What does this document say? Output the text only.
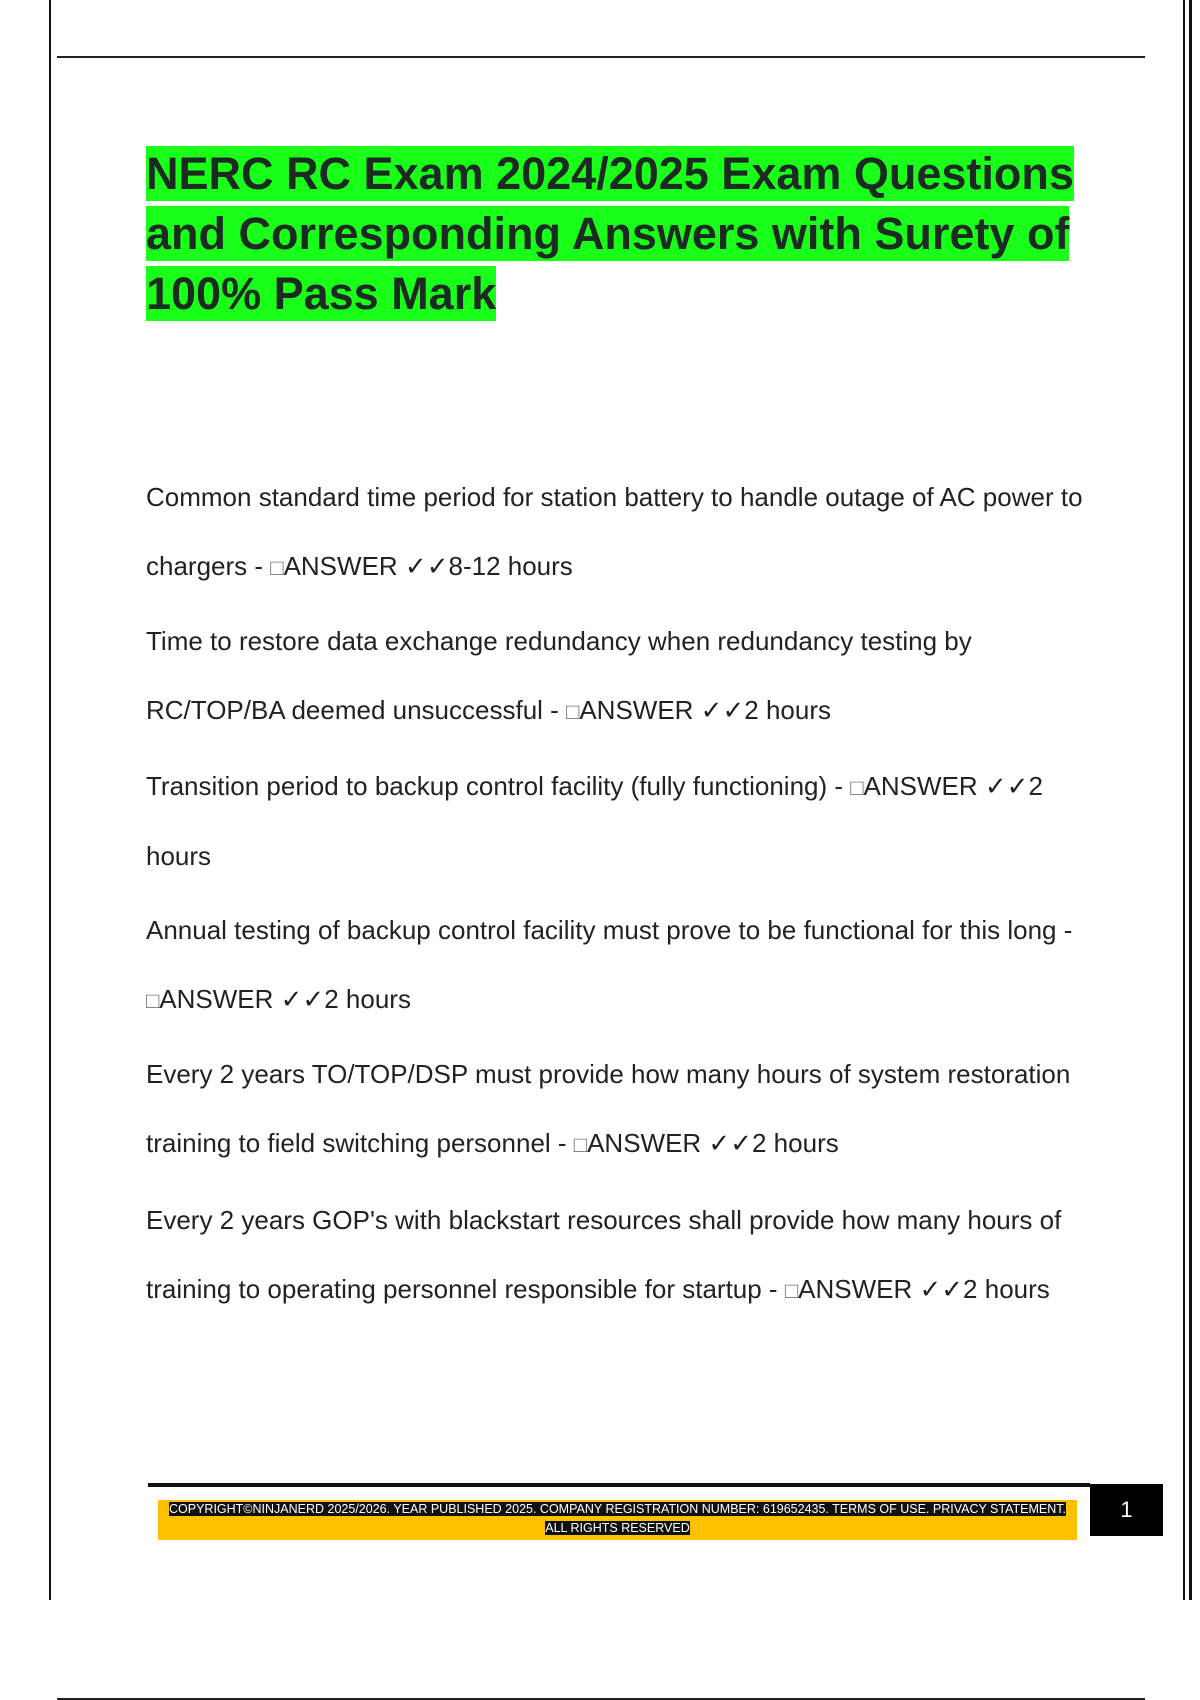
NERC RC Exam 2024/2025 Exam Questions and Corresponding Answers with Surety of 100% Pass Mark
Common standard time period for station battery to handle outage of AC power to chargers - □ANSWER ✓✓8-12 hours
Time to restore data exchange redundancy when redundancy testing by RC/TOP/BA deemed unsuccessful - □ANSWER ✓✓2 hours
Transition period to backup control facility (fully functioning) - □ANSWER ✓✓2 hours
Annual testing of backup control facility must prove to be functional for this long - □ANSWER ✓✓2 hours
Every 2 years TO/TOP/DSP must provide how many hours of system restoration training to field switching personnel - □ANSWER ✓✓2 hours
Every 2 years GOP's with blackstart resources shall provide how many hours of training to operating personnel responsible for startup - □ANSWER ✓✓2 hours
COPYRIGHT©NINJANERD 2025/2026. YEAR PUBLISHED 2025. COMPANY REGISTRATION NUMBER: 619652435. TERMS OF USE. PRIVACY STATEMENT. ALL RIGHTS RESERVED
1
